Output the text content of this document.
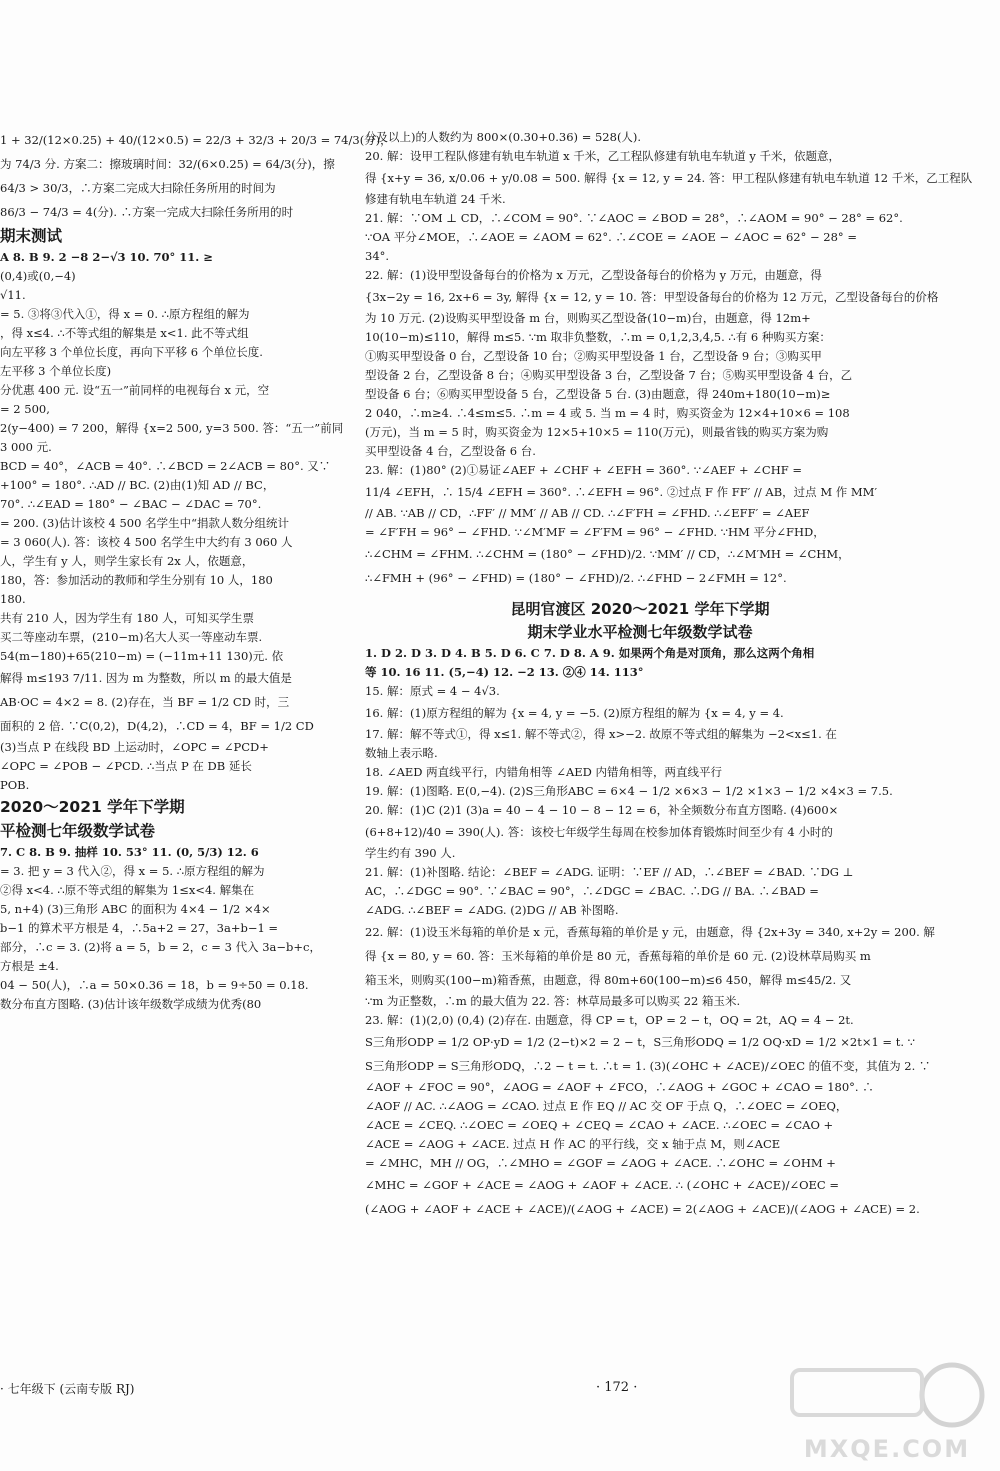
1 + 32/(12×0.25) + 40/(12×0.5) = 22/3 + 32/3 + 20/3 = 74/3(分)，
为 74/3 分. 方案二：擦玻璃时间：32/(6×0.25) = 64/3(分)，擦
64/3 > 30/3，∴方案二完成大扫除任务所用的时间为
86/3 − 74/3 = 4(分). ∴方案一完成大扫除任务所用的时
期末测试
A 8. B 9. 2 −8 2−√3 10. 70° 11. ≥
(0,4)或(0,−4)
√11.
= 5. ③将③代入①，得 x = 0. ∴原方程组的解为
，得 x≤4. ∴不等式组的解集是 x<1. 此不等式组
向左平移 3 个单位长度，再向下平移 6 个单位长度.
左平移 3 个单位长度)
分优惠 400 元. 设“五一”前同样的电视每台 x 元，空
= 2 500,
2(y−400) = 7 200，解得 {x=2 500, y=3 500. 答：“五一”前同
3 000 元.
BCD = 40°，∠ACB = 40°. ∴∠BCD = 2∠ACB = 80°. 又∵
+100° = 180°. ∴AD // BC. (2)由(1)知 AD // BC，
70°. ∴∠EAD = 180° − ∠BAC − ∠DAC = 70°.
= 200. (3)估计该校 4 500 名学生中“捐款人数分组统计
= 3 060(人). 答：该校 4 500 名学生中大约有 3 060 人
人，学生有 y 人，则学生家长有 2x 人，依题意，
180，答：参加活动的教师和学生分别有 10 人，180
180.
共有 210 人，因为学生有 180 人，可知买学生票
买二等座动车票，(210−m)名大人买一等座动车票.
54(m−180)+65(210−m) = (−11m+11 130)元. 依
解得 m≤193 7/11. 因为 m 为整数，所以 m 的最大值是
AB·OC = 4×2 = 8. (2)存在，当 BF = 1/2 CD 时，三
面积的 2 倍. ∵C(0,2)，D(4,2)，∴CD = 4，BF = 1/2 CD
(3)当点 P 在线段 BD 上运动时，∠OPC = ∠PCD+
∠OPC = ∠POB − ∠PCD. ∴当点 P 在 DB 延长
POB.
2020～2021 学年下学期
平检测七年级数学试卷
7. C 8. B 9. 抽样 10. 53° 11. (0, 5/3) 12. 6
= 3. 把 y = 3 代入②，得 x = 5. ∴原方程组的解为
②得 x<4. ∴原不等式组的解集为 1≤x<4. 解集在
5, n+4) (3)三角形 ABC 的面积为 4×4 − 1/2 ×4×
b−1 的算术平方根是 4，∴5a+2 = 27，3a+b−1 =
部分，∴c = 3. (2)将 a = 5，b = 2，c = 3 代入 3a−b+c，
方根是 ±4.
04 − 50(人)，∴a = 50×0.36 = 18，b = 9÷50 = 0.18.
数分布直方图略. (3)估计该年级数学成绩为优秀(80
分及以上)的人数约为 800×(0.30+0.36) = 528(人).
20. 解：设甲工程队修建有轨电车轨道 x 千米，乙工程队修建有轨电车轨道 y 千米，依题意，
得 {x+y = 36, x/0.06 + y/0.08 = 500. 解得 {x = 12, y = 24. 答：甲工程队修建有轨电车轨道 12 千米，乙工程队
修建有轨电车轨道 24 千米.
21. 解：∵OM ⊥ CD，∴∠COM = 90°. ∵∠AOC = ∠BOD = 28°，∴∠AOM = 90° − 28° = 62°.
∵OA 平分∠MOE，∴∠AOE = ∠AOM = 62°. ∴∠COE = ∠AOE − ∠AOC = 62° − 28° =
34°.
22. 解：(1)设甲型设备每台的价格为 x 万元，乙型设备每台的价格为 y 万元，由题意，得
{3x−2y = 16, 2x+6 = 3y, 解得 {x = 12, y = 10. 答：甲型设备每台的价格为 12 万元，乙型设备每台的价格
为 10 万元. (2)设购买甲型设备 m 台，则购买乙型设备(10−m)台，由题意，得 12m+
10(10−m)≤110，解得 m≤5. ∵m 取非负整数，∴m = 0,1,2,3,4,5. ∴有 6 种购买方案：
①购买甲型设备 0 台，乙型设备 10 台；②购买甲型设备 1 台，乙型设备 9 台；③购买甲
型设备 2 台，乙型设备 8 台；④购买甲型设备 3 台，乙型设备 7 台；⑤购买甲型设备 4 台，乙
型设备 6 台；⑥购买甲型设备 5 台，乙型设备 5 台. (3)由题意，得 240m+180(10−m)≥
2 040，∴m≥4. ∴4≤m≤5. ∴m = 4 或 5. 当 m = 4 时，购买资金为 12×4+10×6 = 108
(万元)，当 m = 5 时，购买资金为 12×5+10×5 = 110(万元)，则最省钱的购买方案为购
买甲型设备 4 台，乙型设备 6 台.
23. 解：(1)80° (2)①易证∠AEF + ∠CHF + ∠EFH = 360°. ∵∠AEF + ∠CHF =
11/4 ∠EFH，∴ 15/4 ∠EFH = 360°. ∴∠EFH = 96°. ②过点 F 作 FF′ // AB，过点 M 作 MM′
// AB. ∵AB // CD，∴FF′ // MM′ // AB // CD. ∴∠F′FH = ∠FHD. ∴∠EFF′ = ∠AEF
= ∠F′FH = 96° − ∠FHD. ∵∠M′MF = ∠F′FM = 96° − ∠FHD. ∵HM 平分∠FHD，
∴∠CHM = ∠FHM. ∴∠CHM = (180° − ∠FHD)/2. ∵MM′ // CD，∴∠M′MH = ∠CHM，
∴∠FMH + (96° − ∠FHD) = (180° − ∠FHD)/2. ∴∠FHD − 2∠FMH = 12°.
昆明官渡区 2020～2021 学年下学期
期末学业水平检测七年级数学试卷
1. D 2. D 3. D 4. B 5. D 6. C 7. D 8. A 9. 如果两个角是对顶角，那么这两个角相
等 10. 16 11. (5,−4) 12. −2 13. ②④ 14. 113°
15. 解：原式 = 4 − 4√3.
16. 解：(1)原方程组的解为 {x = 4, y = −5. (2)原方程组的解为 {x = 4, y = 4.
17. 解：解不等式①，得 x≤1. 解不等式②，得 x>−2. 故原不等式组的解集为 −2<x≤1. 在
数轴上表示略.
18. ∠AED 两直线平行，内错角相等 ∠AED 内错角相等，两直线平行
19. 解：(1)图略. E(0,−4). (2)S三角形ABC = 6×4 − 1/2 ×6×3 − 1/2 ×1×3 − 1/2 ×4×3 = 7.5.
20. 解：(1)C (2)1 (3)a = 40 − 4 − 10 − 8 − 12 = 6，补全频数分布直方图略. (4)600×
(6+8+12)/40 = 390(人). 答：该校七年级学生每周在校参加体育锻炼时间至少有 4 小时的
学生约有 390 人.
21. 解：(1)补图略. 结论：∠BEF = ∠ADG. 证明：∵EF // AD，∴∠BEF = ∠BAD. ∵DG ⊥
AC，∴∠DGC = 90°. ∵∠BAC = 90°，∴∠DGC = ∠BAC. ∴DG // BA. ∴∠BAD =
∠ADG. ∴∠BEF = ∠ADG. (2)DG // AB 补图略.
22. 解：(1)设玉米每箱的单价是 x 元，香蕉每箱的单价是 y 元，由题意，得 {2x+3y = 340, x+2y = 200. 解
得 {x = 80, y = 60. 答：玉米每箱的单价是 80 元，香蕉每箱的单价是 60 元. (2)设林草局购买 m
箱玉米，则购买(100−m)箱香蕉，由题意，得 80m+60(100−m)≤6 450，解得 m≤45/2. 又
∵m 为正整数，∴m 的最大值为 22. 答：林草局最多可以购买 22 箱玉米.
23. 解：(1)(2,0) (0,4) (2)存在. 由题意，得 CP = t，OP = 2 − t，OQ = 2t，AQ = 4 − 2t.
S三角形ODP = 1/2 OP·yD = 1/2 (2−t)×2 = 2 − t，S三角形ODQ = 1/2 OQ·xD = 1/2 ×2t×1 = t. ∵
S三角形ODP = S三角形ODQ，∴2 − t = t. ∴t = 1. (3)(∠OHC + ∠ACE)/∠OEC 的值不变，其值为 2. ∵
∠AOF + ∠FOC = 90°，∠AOG = ∠AOF + ∠FCO，∴∠AOG + ∠GOC + ∠CAO = 180°. ∴
∠AOF // AC. ∴∠AOG = ∠CAO. 过点 E 作 EQ // AC 交 OF 于点 Q，∴∠OEC = ∠OEQ，
∠ACE = ∠CEQ. ∴∠OEC = ∠OEQ + ∠CEQ = ∠CAO + ∠ACE. ∴∠OEC = ∠CAO +
∠ACE = ∠AOG + ∠ACE. 过点 H 作 AC 的平行线，交 x 轴于点 M，则∠ACE
= ∠MHC，MH // OG，∴∠MHO = ∠GOF = ∠AOG + ∠ACE. ∴∠OHC = ∠OHM +
∠MHC = ∠GOF + ∠ACE = ∠AOG + ∠AOF + ∠ACE. ∴ (∠OHC + ∠ACE)/∠OEC =
(∠AOG + ∠AOF + ∠ACE + ∠ACE)/(∠AOG + ∠ACE) = 2(∠AOG + ∠ACE)/(∠AOG + ∠ACE) = 2.
· 七年级下 (云南专版 RJ)	· 172 ·
MXQE.COM
